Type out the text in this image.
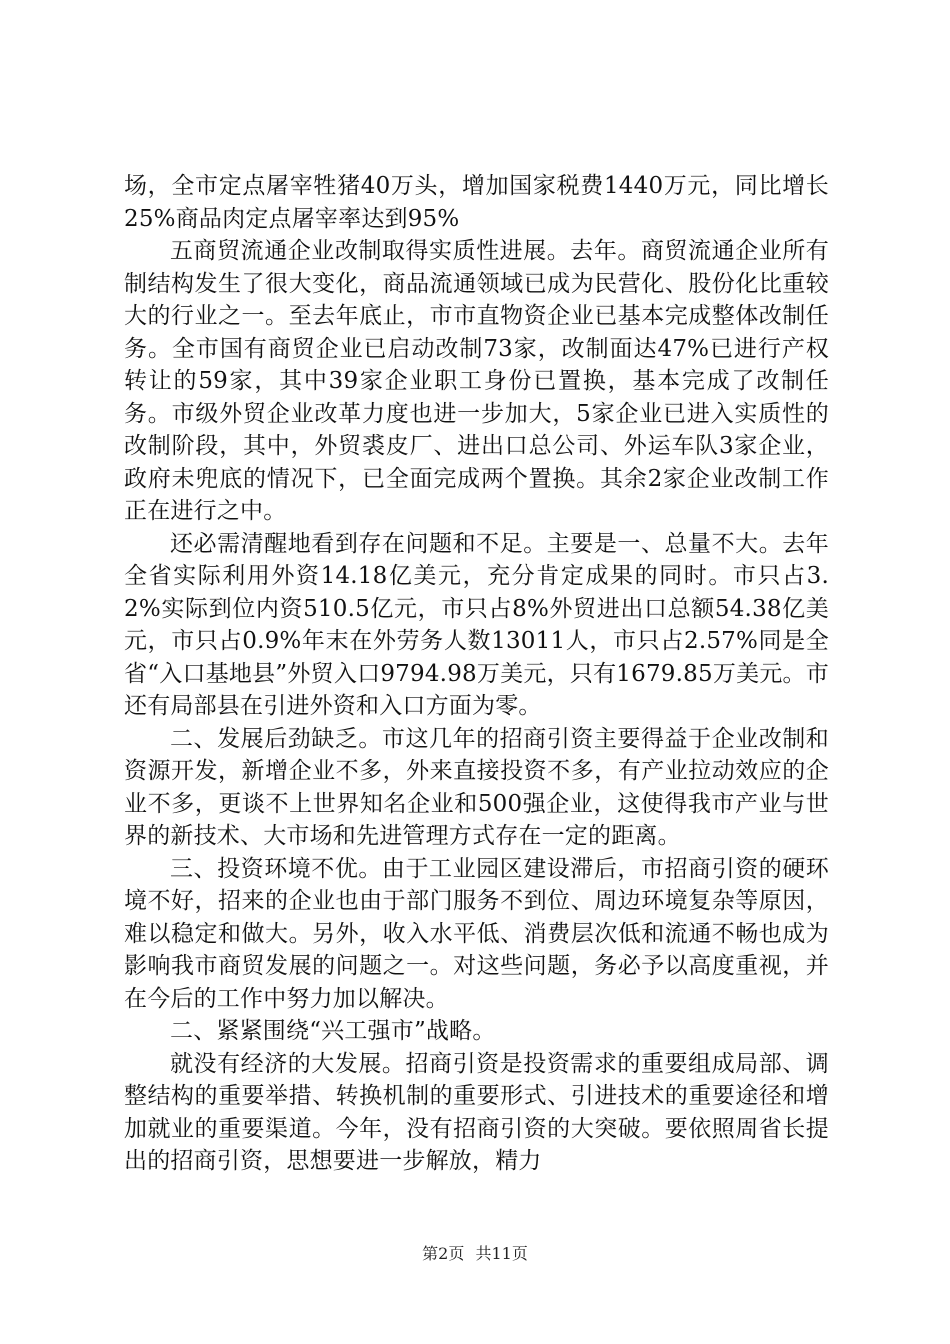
场，全市定点屠宰牲猪40万头，增加国家税费1440万元，同比增长25%商品肉定点屠宰率达到95%

五商贸流通企业改制取得实质性进展。去年。商贸流通企业所有制结构发生了很大变化，商品流通领域已成为民营化、股份化比重较大的行业之一。至去年底止，市市直物资企业已基本完成整体改制任务。全市国有商贸企业已启动改制73家，改制面达47%已进行产权转让的59家，其中39家企业职工身份已置换，基本完成了改制任务。市级外贸企业改革力度也进一步加大，5家企业已进入实质性的改制阶段，其中，外贸裘皮厂、进出口总公司、外运车队3家企业，政府未兜底的情况下，已全面完成两个置换。其余2家企业改制工作正在进行之中。

还必需清醒地看到存在问题和不足。主要是一、总量不大。去年全省实际利用外资14.18亿美元，充分肯定成果的同时。市只占3.2%实际到位内资510.5亿元，市只占8%外贸进出口总额54.38亿美元，市只占0.9%年末在外劳务人数13011人，市只占2.57%同是全省“入口基地县”外贸入口9794.98万美元，只有1679.85万美元。市还有局部县在引进外资和入口方面为零。

二、发展后劲缺乏。市这几年的招商引资主要得益于企业改制和资源开发，新增企业不多，外来直接投资不多，有产业拉动效应的企业不多，更谈不上世界知名企业和500强企业，这使得我市产业与世界的新技术、大市场和先进管理方式存在一定的距离。

三、投资环境不优。由于工业园区建设滞后，市招商引资的硬环境不好，招来的企业也由于部门服务不到位、周边环境复杂等原因，难以稳定和做大。另外，收入水平低、消费层次低和流通不畅也成为影响我市商贸发展的问题之一。对这些问题，务必予以高度重视，并在今后的工作中努力加以解决。

二、紧紧围绕“兴工强市”战略。

就没有经济的大发展。招商引资是投资需求的重要组成局部、调整结构的重要举措、转换机制的重要形式、引进技术的重要途径和增加就业的重要渠道。今年，没有招商引资的大突破。要依照周省长提出的招商引资，思想要进一步解放，精力

第2页 共11页
